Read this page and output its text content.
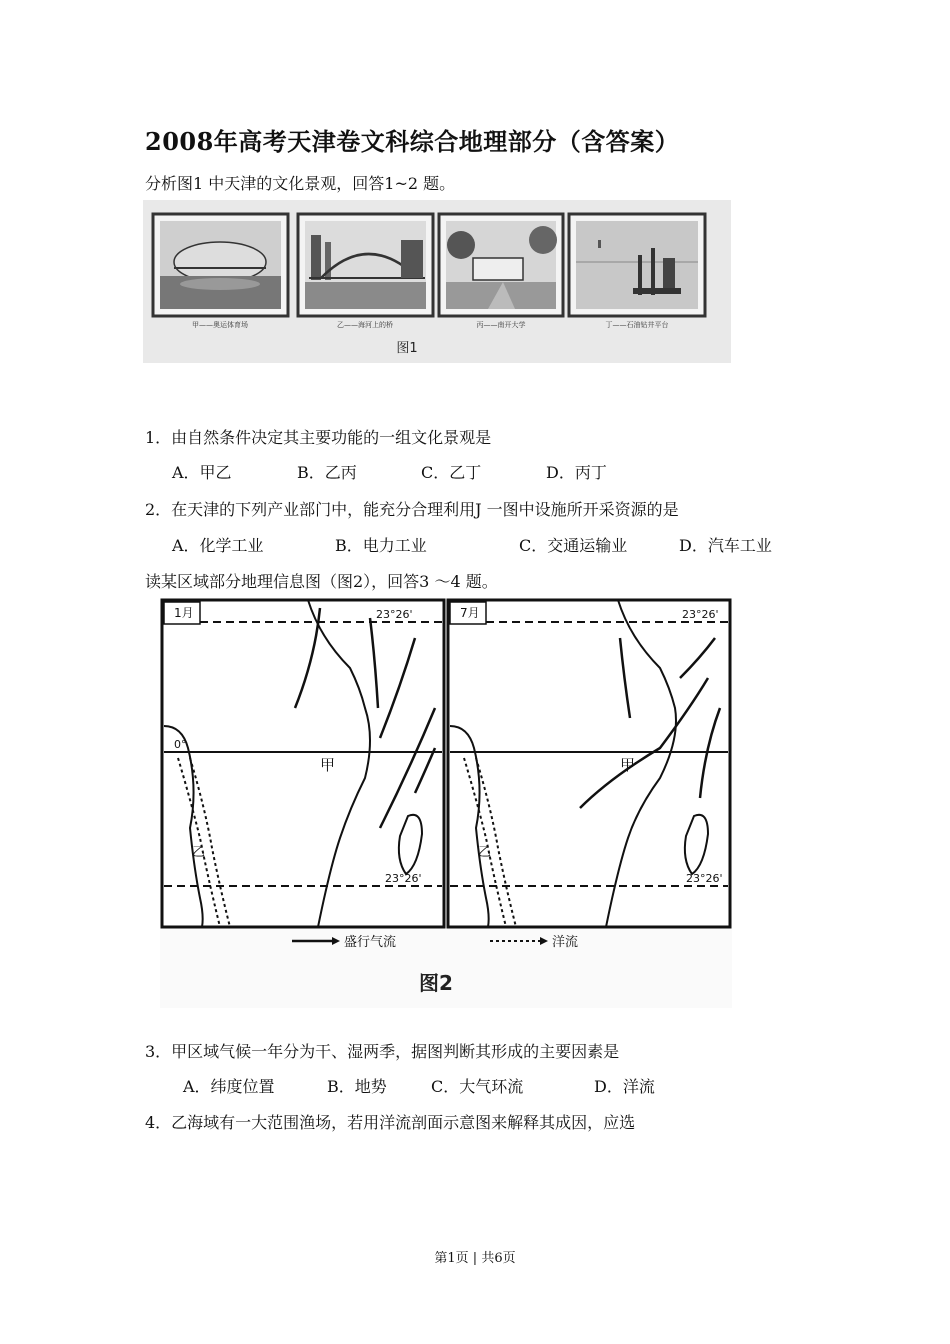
2008年高考天津卷文科综合地理部分（含答案）
分析图1 中天津的文化景观，回答1~2 题。
甲——奥运体育场	乙——海河上的桥	丙——南开大学	丁——石油钻井平台
图1
1．由自然条件决定其主要功能的一组文化景观是
A．甲乙	B．乙丙	C．乙丁	D．丙丁
2．在天津的下列产业部门中，能充分合理利用J 一图中设施所开采资源的是
A．化学工业	B．电力工业	C．交通运输业	D．汽车工业
读某区域部分地理信息图（图2），回答3 ～4 题。
1月	23°26'
0°
23°26'
甲
乙
7月	23°26'
23°26'
甲
乙
盛行气流	洋流
图2
3．甲区域气候一年分为干、湿两季，据图判断其形成的主要因素是
A．纬度位置	B．地势	C．大气环流	D．洋流
4．乙海域有一大范围渔场，若用洋流剖面示意图来解释其成因，应选
第1页 | 共6页
